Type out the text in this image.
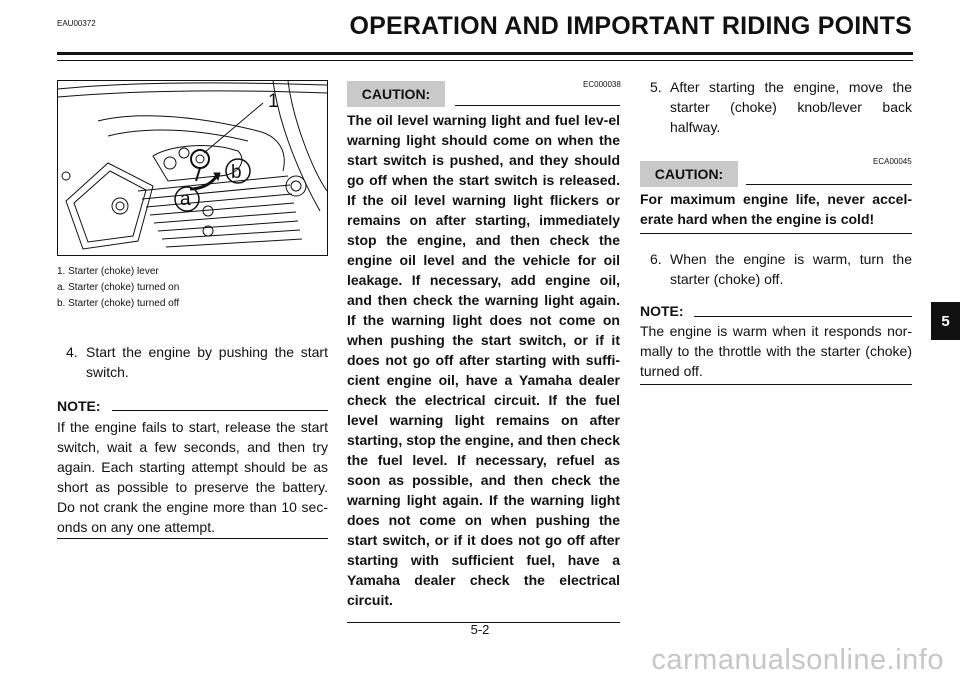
EAU00372	OPERATION AND IMPORTANT RIDING POINTS
1
b
a
1. Starter (choke) lever
a. Starter (choke) turned on
b. Starter (choke) turned off
4. Start the engine by pushing the start switch.
NOTE:
If the engine fails to start, release the start switch, wait a few seconds, and then try again. Each starting attempt should be as short as possible to preserve the battery. Do not crank the engine more than 10 sec-onds on any one attempt.
EC000038
CAUTION:
The oil level warning light and fuel lev-el warning light should come on when the start switch is pushed, and they should go off when the start switch is released. If the oil level warning light flickers or remains on after starting, immediately stop the engine, and then check the engine oil level and the vehicle for oil leakage. If necessary, add engine oil, and then check the warning light again. If the warning light does not come on when pushing the start switch, or if it does not go off after starting with suffi-cient engine oil, have a Yamaha dealer check the electrical circuit. If the fuel level warning light remains on after starting, stop the engine, and then check the fuel level. If necessary, refuel as soon as possible, and then check the warning light again. If the warning light does not come on when pushing the start switch, or if it does not go off after starting with sufficient fuel, have a Yamaha dealer check the electrical circuit.
5. After starting the engine, move the starter (choke) knob/lever back halfway.
ECA00045
CAUTION:
For maximum engine life, never accel-erate hard when the engine is cold!
6. When the engine is warm, turn the starter (choke) off.
NOTE:
The engine is warm when it responds nor-mally to the throttle with the starter (choke) turned off.
5
5-2
carmanualsonline.info
